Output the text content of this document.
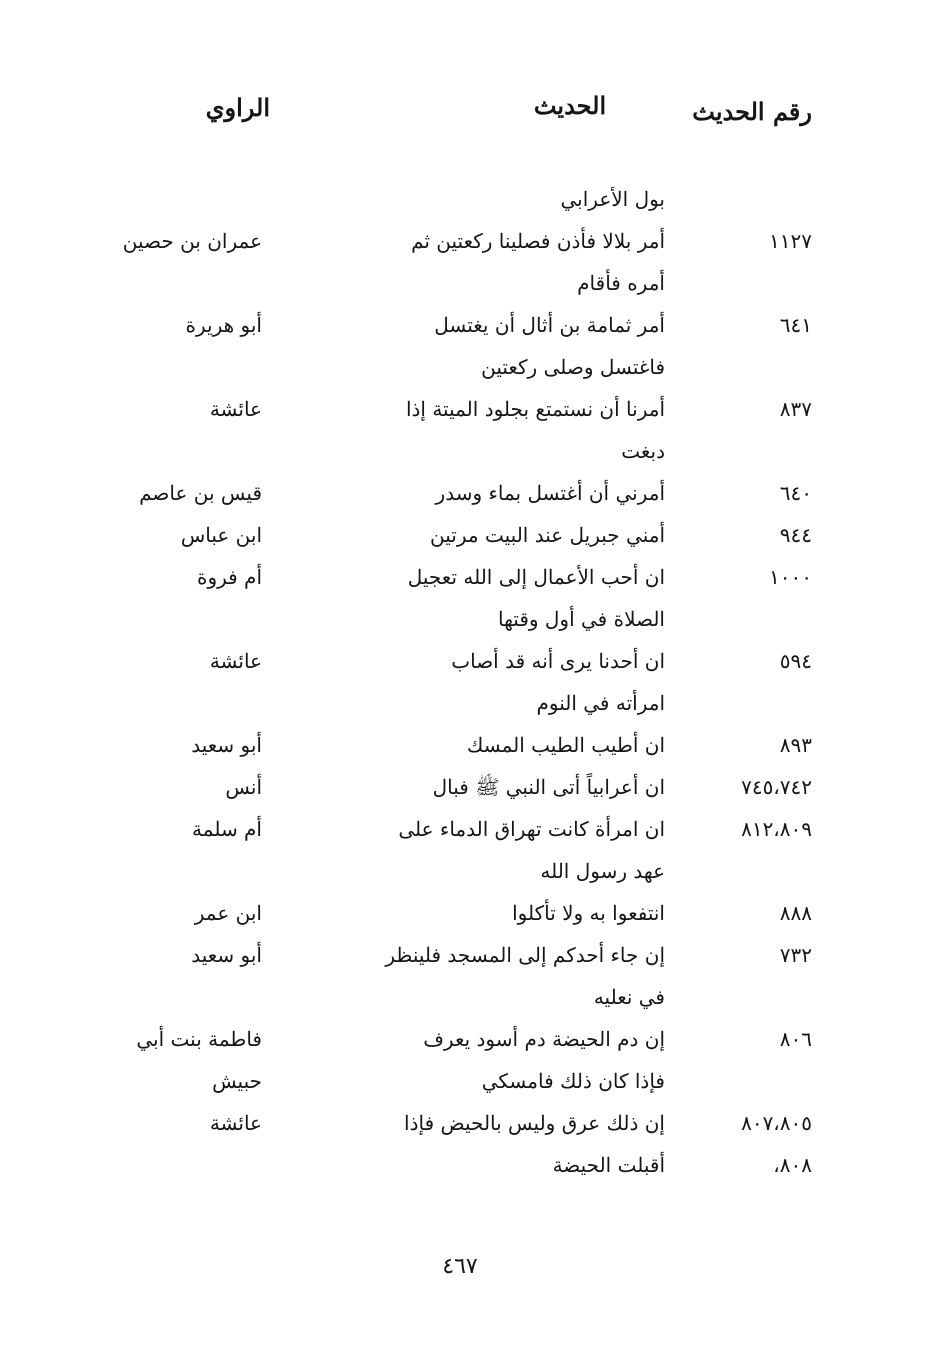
رقم الحديث
الحديث
الراوي
بول الأعرابي
١١٢٧
أمر بلالا فأذن فصلينا ركعتين ثم
عمران بن حصين
أمره فأقام
٦٤١
أمر ثمامة بن أثال أن يغتسل
أبو هريرة
فاغتسل وصلى ركعتين
٨٣٧
أمرنا أن نستمتع بجلود الميتة إذا
عائشة
دبغت
٦٤٠
أمرني أن أغتسل بماء وسدر
قيس بن عاصم
٩٤٤
أمني جبريل عند البيت مرتين
ابن عباس
١٠٠٠
ان أحب الأعمال إلى الله تعجيل
أم فروة
الصلاة في أول وقتها
٥٩٤
ان أحدنا يرى أنه قد أصاب
عائشة
امرأته في النوم
٨٩٣
ان أطيب الطيب المسك
أبو سعيد
٧٤٥،٧٤٢
ان أعرابياً أتى النبي ﷺ فبال
أنس
٨١٢،٨٠٩
ان امرأة كانت تهراق الدماء على
أم سلمة
عهد رسول الله
٨٨٨
انتفعوا به ولا تأكلوا
ابن عمر
٧٣٢
إن جاء أحدكم إلى المسجد فلينظر
أبو سعيد
في نعليه
٨٠٦
إن دم الحيضة دم أسود يعرف
فاطمة بنت أبي
فإذا كان ذلك فامسكي
حبيش
٨٠٧،٨٠٥
إن ذلك عرق وليس بالحيض فإذا
عائشة
٨٠٨،
أقبلت الحيضة
٤٦٧
